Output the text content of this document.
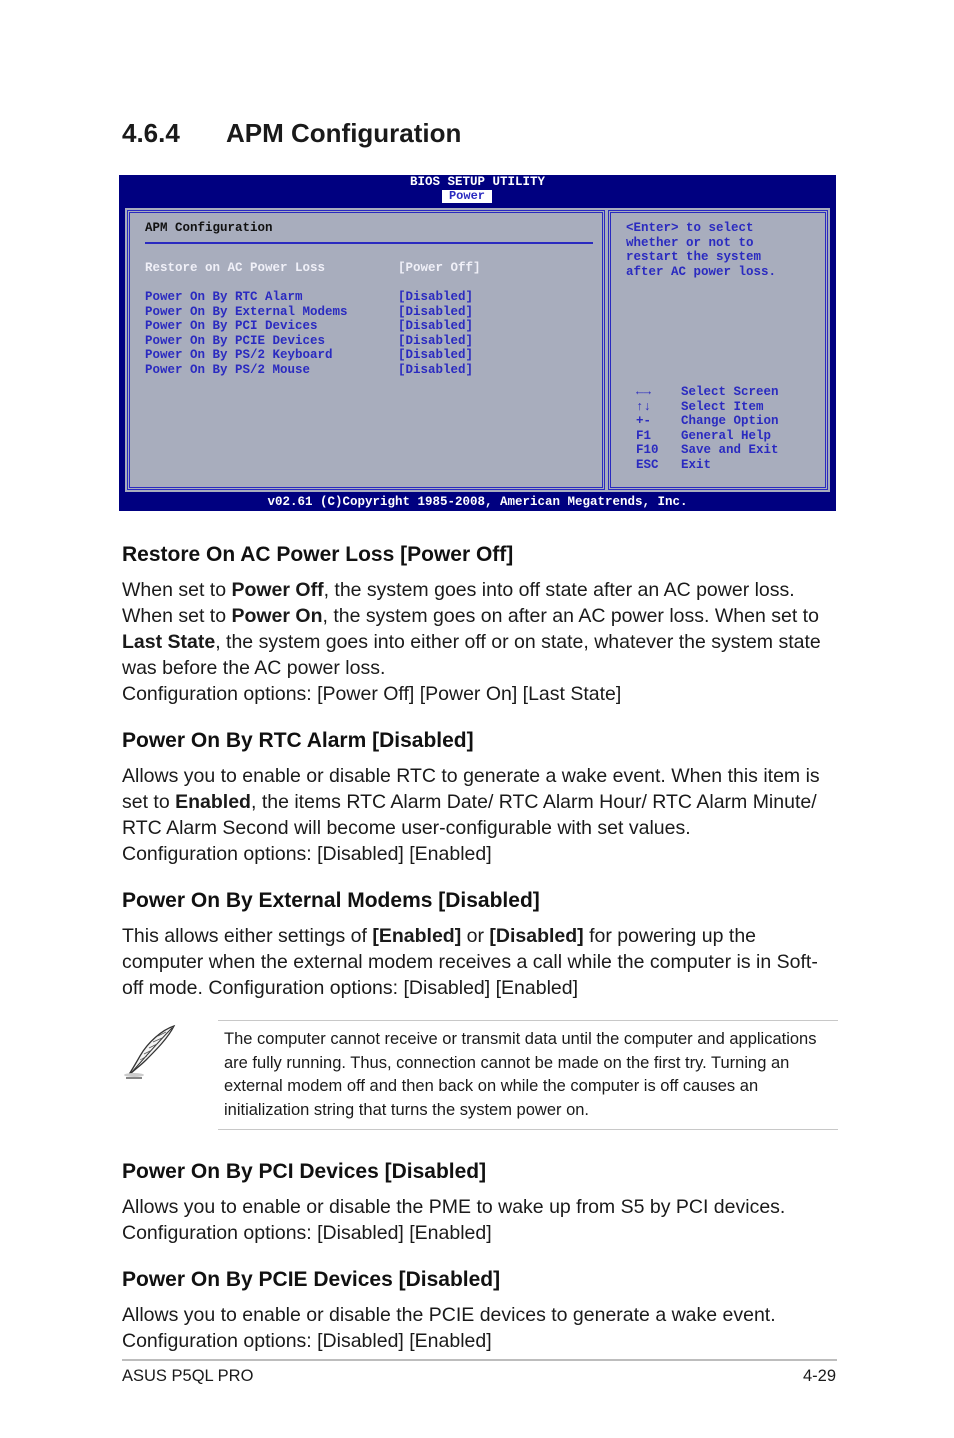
4.6.4 APM Configuration
BIOS SETUP UTILITY
Power
APM Configuration
Restore on AC Power Loss	[Power Off]
Power On By RTC Alarm	[Disabled]
Power On By External Modems	[Disabled]
Power On By PCI Devices	[Disabled]
Power On By PCIE Devices	[Disabled]
Power On By PS/2 Keyboard	[Disabled]
Power On By PS/2 Mouse	[Disabled]
<Enter> to select
whether or not to
restart the system
after AC power loss.
←→ Select Screen
↑↓ Select Item
+- Change Option
F1 General Help
F10 Save and Exit
ESC Exit
v02.61 (C)Copyright 1985-2008, American Megatrends, Inc.
Restore On AC Power Loss [Power Off]

When set to Power Off, the system goes into off state after an AC power loss. When set to Power On, the system goes on after an AC power loss. When set to Last State, the system goes into either off or on state, whatever the system state was before the AC power loss.
Configuration options: [Power Off] [Power On] [Last State]

Power On By RTC Alarm [Disabled]

Allows you to enable or disable RTC to generate a wake event. When this item is set to Enabled, the items RTC Alarm Date/ RTC Alarm Hour/ RTC Alarm Minute/ RTC Alarm Second will become user-configurable with set values.
Configuration options: [Disabled] [Enabled]

Power On By External Modems [Disabled]

This allows either settings of [Enabled] or [Disabled] for powering up the computer when the external modem receives a call while the computer is in Soft-off mode. Configuration options: [Disabled] [Enabled]

The computer cannot receive or transmit data until the computer and applications are fully running. Thus, connection cannot be made on the first try. Turning an external modem off and then back on while the computer is off causes an initialization string that turns the system power on.

Power On By PCI Devices [Disabled]

Allows you to enable or disable the PME to wake up from S5 by PCI devices.
Configuration options: [Disabled] [Enabled]

Power On By PCIE Devices [Disabled]

Allows you to enable or disable the PCIE devices to generate a wake event.
Configuration options: [Disabled] [Enabled]

ASUS P5QL PRO	4-29
